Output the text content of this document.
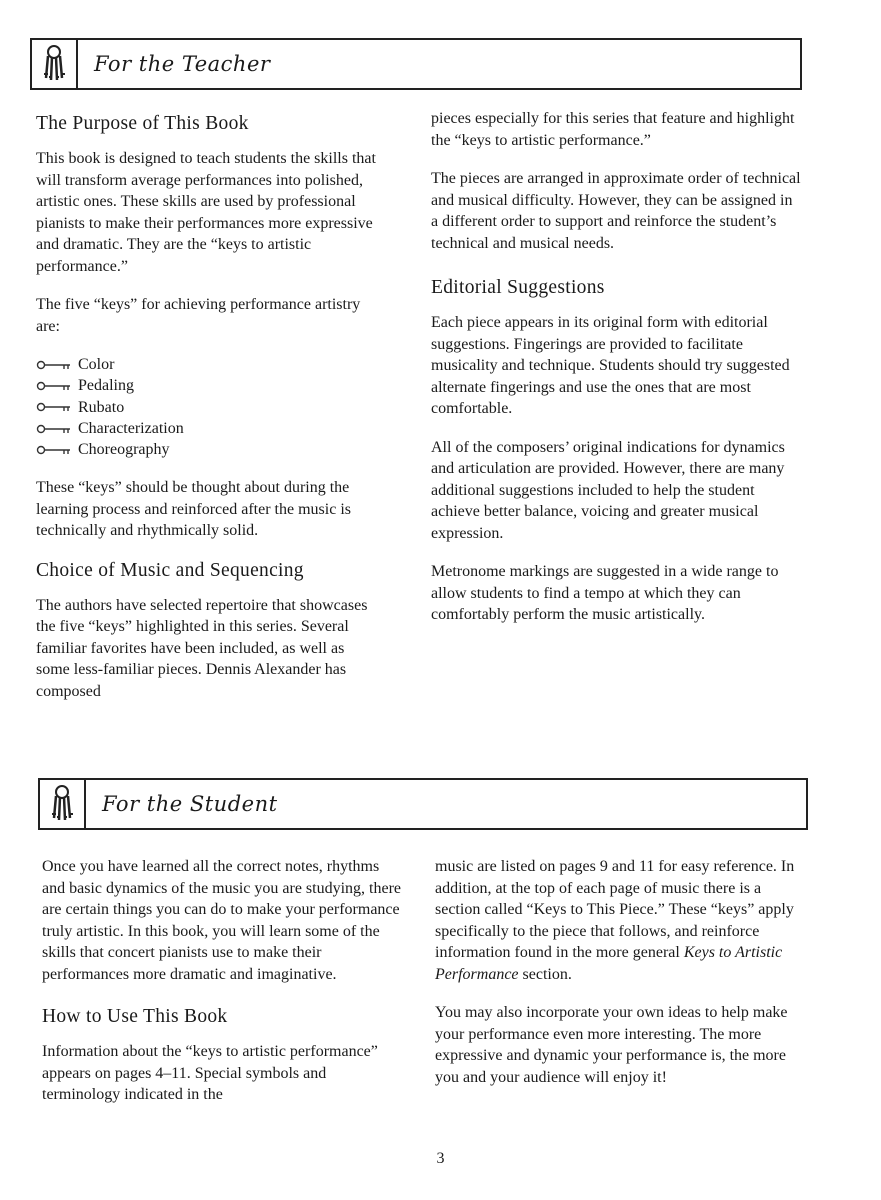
For the Teacher
The Purpose of This Book

This book is designed to teach students the skills that will transform average performances into polished, artistic ones. These skills are used by professional pianists to make their performances more expressive and dramatic. They are the “keys to artistic performance.”

The five “keys” for achieving performance artistry are:

Color
Pedaling
Rubato
Characterization
Choreography

These “keys” should be thought about during the learning process and reinforced after the music is technically and rhythmically solid.

Choice of Music and Sequencing

The authors have selected repertoire that showcases the five “keys” highlighted in this series. Several familiar favorites have been included, as well as some less-familiar pieces. Dennis Alexander has composed

pieces especially for this series that feature and highlight the “keys to artistic performance.”

The pieces are arranged in approximate order of technical and musical difficulty. However, they can be assigned in a different order to support and reinforce the student’s technical and musical needs.

Editorial Suggestions

Each piece appears in its original form with editorial suggestions. Fingerings are provided to facilitate musicality and technique. Students should try suggested alternate fingerings and use the ones that are most comfortable.

All of the composers’ original indications for dynamics and articulation are provided. However, there are many additional suggestions included to help the student achieve better balance, voicing and greater musical expression.

Metronome markings are suggested in a wide range to allow students to find a tempo at which they can comfortably perform the music artistically.

For the Student

Once you have learned all the correct notes, rhythms and basic dynamics of the music you are studying, there are certain things you can do to make your performance truly artistic. In this book, you will learn some of the skills that concert pianists use to make their performances more dramatic and imaginative.

How to Use This Book

Information about the “keys to artistic performance” appears on pages 4–11. Special symbols and terminology indicated in the

music are listed on pages 9 and 11 for easy reference. In addition, at the top of each page of music there is a section called “Keys to This Piece.” These “keys” apply specifically to the piece that follows, and reinforce information found in the more general Keys to Artistic Performance section.

You may also incorporate your own ideas to help make your performance even more interesting. The more expressive and dynamic your performance is, the more you and your audience will enjoy it!

3
